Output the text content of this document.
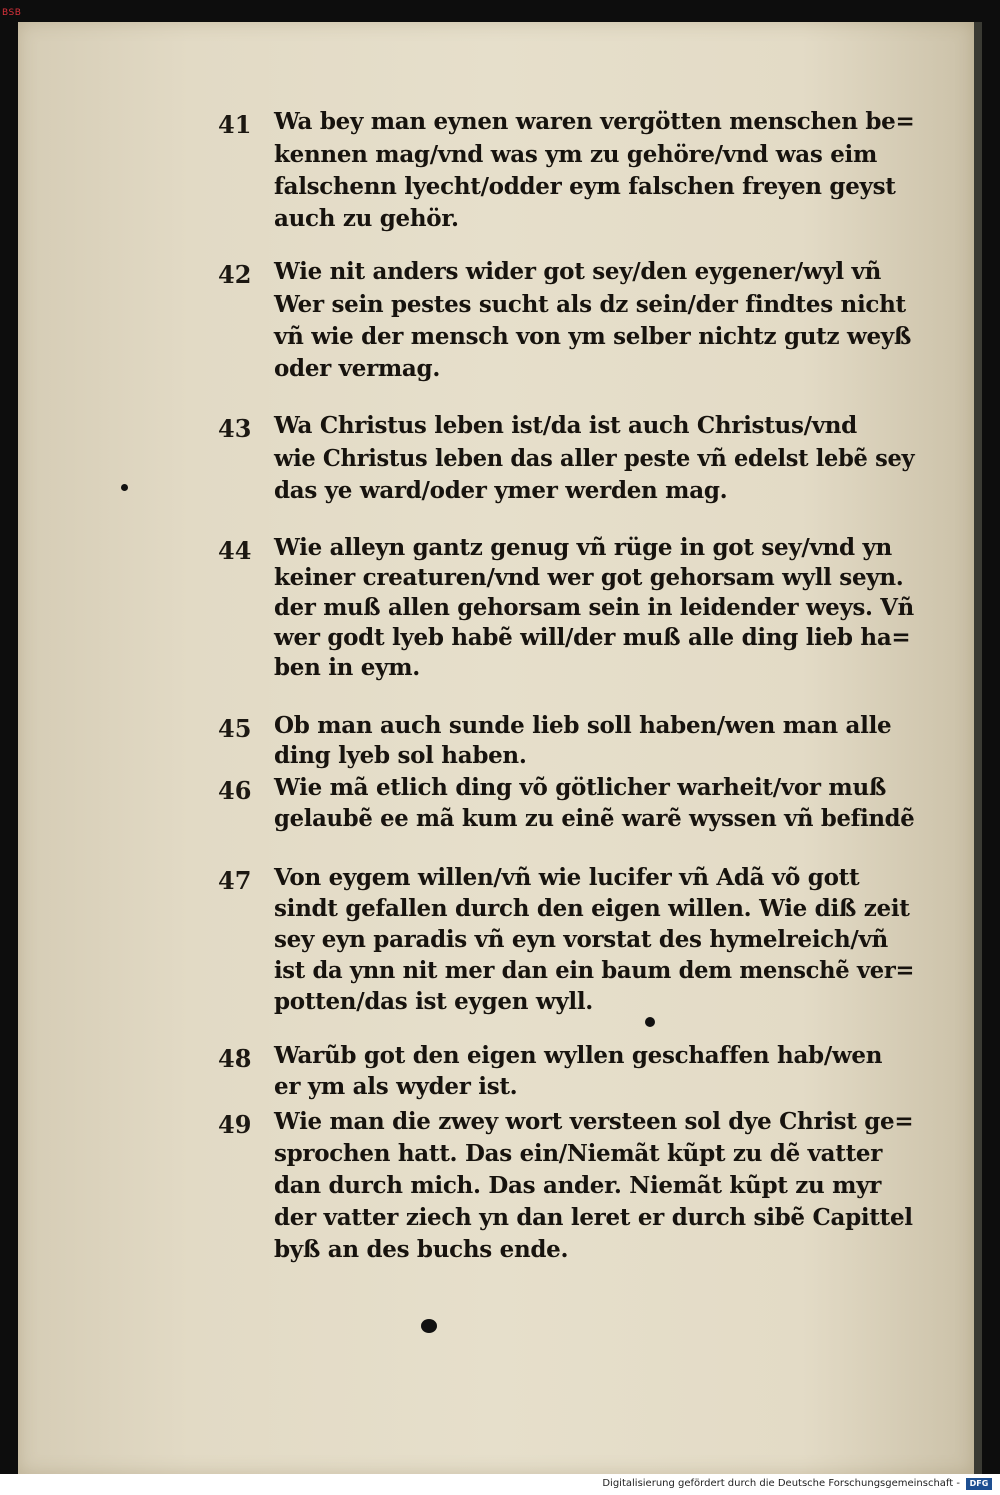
BSB
41 Wa bey man eynen waren vergötten menschen be=
kennen mag/vnd was ym zu gehöre/vnd was eim
falschenn lyecht/odder eym falschen freyen geyst
auch zu gehör.
42 Wie nit anders wider got sey/den eygener/wyl vñ
Wer sein pestes sucht als dz sein/der findtes nicht
vñ wie der mensch von ym selber nichtz gutz weyß
oder vermag.
43 Wa Christus leben ist/da ist auch Christus/vnd
wie Christus leben das aller peste vñ edelst lebẽ sey
das ye ward/oder ymer werden mag.
44 Wie alleyn gantz genug vñ rüge in got sey/vnd yn
keiner creaturen/vnd wer got gehorsam wyll seyn.
der muß allen gehorsam sein in leidender weys. Vñ
wer godt lyeb habẽ will/der muß alle ding lieb ha=
ben in eym.
45 Ob man auch sunde lieb soll haben/wen man alle
ding lyeb sol haben.
46 Wie mã etlich ding võ götlicher warheit/vor muß
gelaubẽ ee mã kum zu einẽ warẽ wyssen vñ befindẽ
47 Von eygem willen/vñ wie lucifer vñ Adã võ gott
sindt gefallen durch den eigen willen. Wie diß zeit
sey eyn paradis vñ eyn vorstat des hymelreich/vñ
ist da ynn nit mer dan ein baum dem menschẽ ver=
potten/das ist eygen wyll.
48 Warũb got den eigen wyllen geschaffen hab/wen
er ym als wyder ist.
49 Wie man die zwey wort versteen sol dye Christ ge=
sprochen hatt. Das ein/Niemãt kũpt zu dẽ vatter
dan durch mich. Das ander. Niemãt kũpt zu myr
der vatter ziech yn dan leret er durch sibẽ Capittel
byß an des buchs ende.
Digitalisierung gefördert durch die Deutsche Forschungsgemeinschaft -	DFG
